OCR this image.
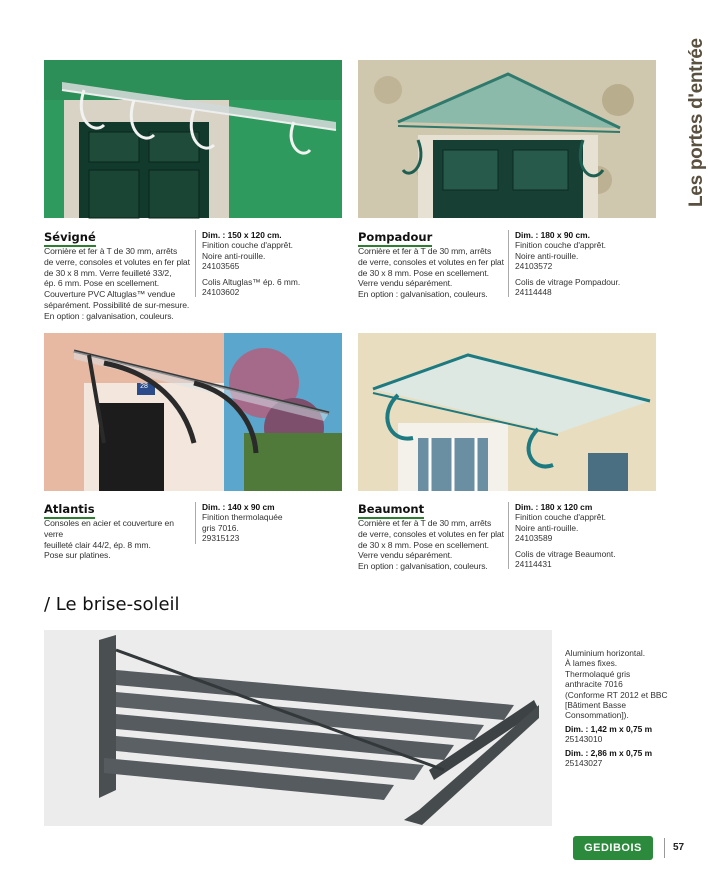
Les portes d'entrée
28
Sévigné

Cornière et fer à T de 30 mm, arrêts

de verre, consoles et volutes en fer plat

de 30 x 8 mm. Verre feuilleté 33/2,

ép. 6 mm. Pose en scellement.

Couverture PVC Altuglas™ vendue

séparément. Possibilité de sur-mesure.

En option : galvanisation, couleurs.

Dim. : 150 x 120 cm.

Finition couche d'apprêt.

Noire anti-rouille.

24103565

Colis Altuglas™ ép. 6 mm.

24103602

Pompadour

Cornière et fer à T de 30 mm, arrêts

de verre, consoles et volutes en fer plat

de 30 x 8 mm. Pose en scellement.

Verre vendu séparément.

En option : galvanisation, couleurs.

Dim. : 180 x 90 cm.

Finition couche d'apprêt.

Noire anti-rouille.

24103572

Colis de vitrage Pompadour.

24114448

Atlantis

Consoles en acier et couverture en verre

feuilleté clair 44/2, ép. 8 mm.

Pose sur platines.

Dim. : 140 x 90 cm

Finition thermolaquée

gris 7016.

29315123

Beaumont

Cornière et fer à T de 30 mm, arrêts

de verre, consoles et volutes en fer plat

de 30 x 8 mm. Pose en scellement.

Verre vendu séparément.

En option : galvanisation, couleurs.

Dim. : 180 x 120 cm

Finition couche d'apprêt.

Noire anti-rouille.

24103589

Colis de vitrage Beaumont.

24114431

/ Le brise-soleil

Aluminium horizontal.

À lames fixes.

Thermolaqué gris

anthracite 7016

(Conforme RT 2012 et BBC

[Bâtiment Basse

Consommation]).

Dim. : 1,42 m x 0,75 m

25143010

Dim. : 2,86 m x 0,75 m

25143027

GEDIBOIS	57
